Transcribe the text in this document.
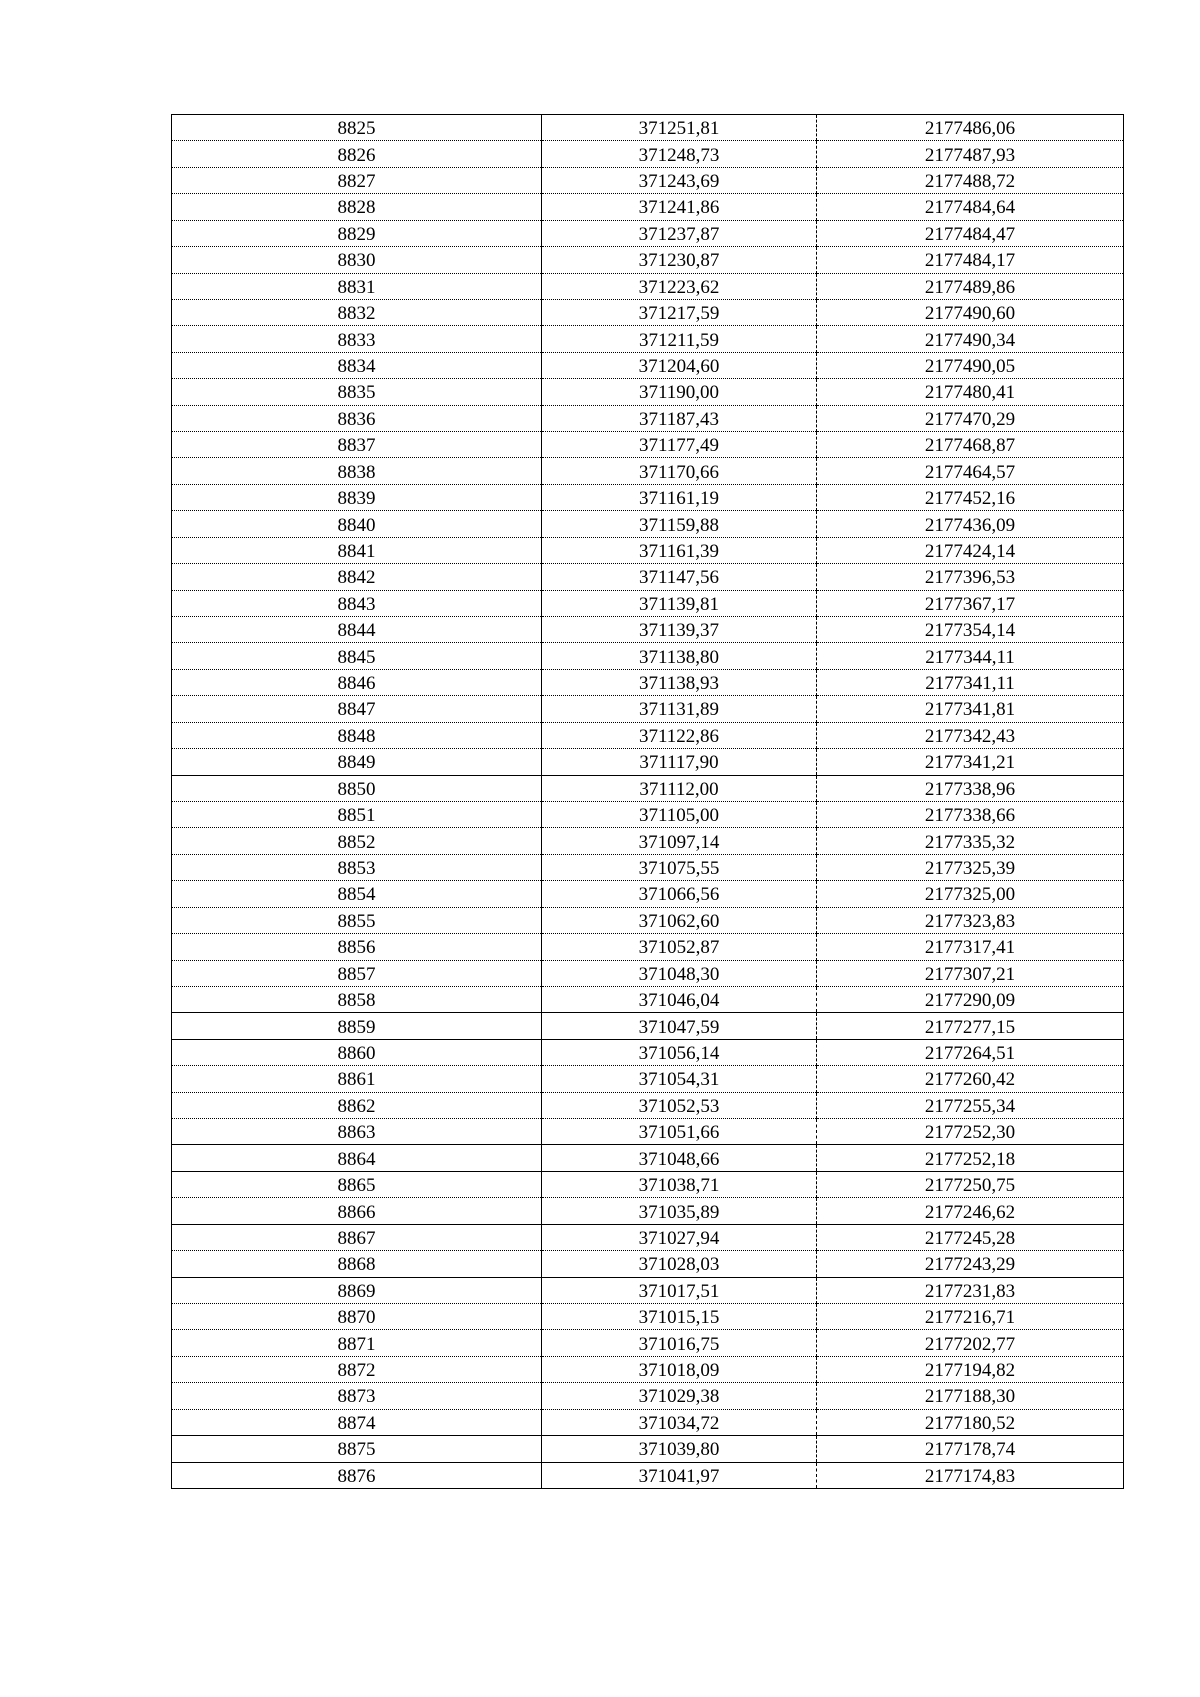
8825	371251,81	2177486,06
8826	371248,73	2177487,93
8827	371243,69	2177488,72
8828	371241,86	2177484,64
8829	371237,87	2177484,47
8830	371230,87	2177484,17
8831	371223,62	2177489,86
8832	371217,59	2177490,60
8833	371211,59	2177490,34
8834	371204,60	2177490,05
8835	371190,00	2177480,41
8836	371187,43	2177470,29
8837	371177,49	2177468,87
8838	371170,66	2177464,57
8839	371161,19	2177452,16
8840	371159,88	2177436,09
8841	371161,39	2177424,14
8842	371147,56	2177396,53
8843	371139,81	2177367,17
8844	371139,37	2177354,14
8845	371138,80	2177344,11
8846	371138,93	2177341,11
8847	371131,89	2177341,81
8848	371122,86	2177342,43
8849	371117,90	2177341,21
8850	371112,00	2177338,96
8851	371105,00	2177338,66
8852	371097,14	2177335,32
8853	371075,55	2177325,39
8854	371066,56	2177325,00
8855	371062,60	2177323,83
8856	371052,87	2177317,41
8857	371048,30	2177307,21
8858	371046,04	2177290,09
8859	371047,59	2177277,15
8860	371056,14	2177264,51
8861	371054,31	2177260,42
8862	371052,53	2177255,34
8863	371051,66	2177252,30
8864	371048,66	2177252,18
8865	371038,71	2177250,75
8866	371035,89	2177246,62
8867	371027,94	2177245,28
8868	371028,03	2177243,29
8869	371017,51	2177231,83
8870	371015,15	2177216,71
8871	371016,75	2177202,77
8872	371018,09	2177194,82
8873	371029,38	2177188,30
8874	371034,72	2177180,52
8875	371039,80	2177178,74
8876	371041,97	2177174,83
